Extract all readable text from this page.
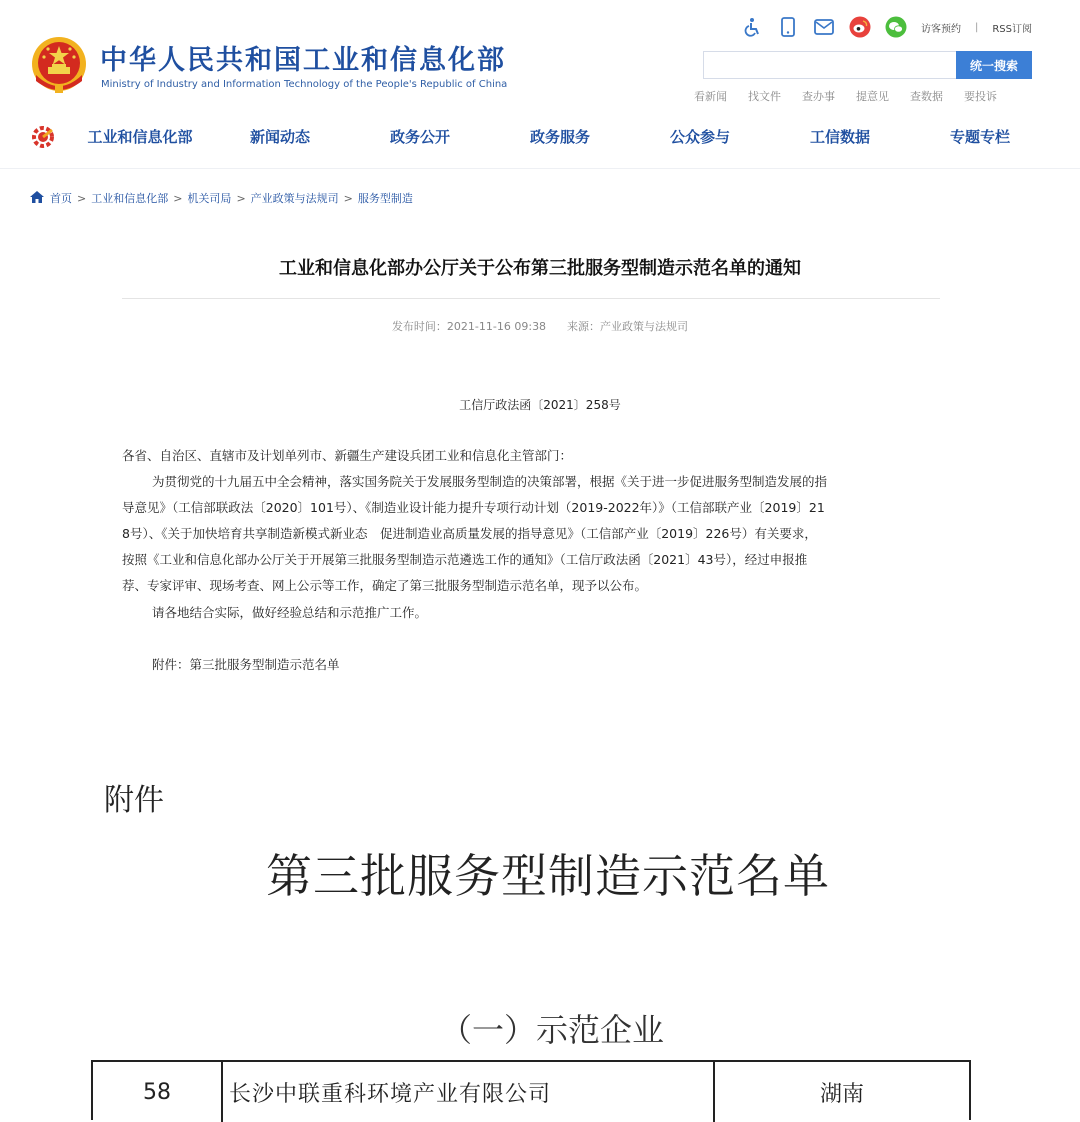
中华人民共和国工业和信息化部
Ministry of Industry and Information Technology of the People's Republic of China
访客预约 | RSS订阅
统一搜索
看新闻 找文件 查办事 提意见 查数据 要投诉
工业和信息化部	新闻动态	政务公开	政务服务	公众参与	工信数据	专题专栏
首页 > 工业和信息化部 > 机关司局 > 产业政策与法规司 > 服务型制造
工业和信息化部办公厅关于公布第三批服务型制造示范名单的通知
发布时间：2021-11-16 09:38      来源：产业政策与法规司
工信厅政法函〔2021〕258号
各省、自治区、直辖市及计划单列市、新疆生产建设兵团工业和信息化主管部门：
为贯彻党的十九届五中全会精神，落实国务院关于发展服务型制造的决策部署，根据《关于进一步促进服务型制造发展的指
导意见》（工信部联政法〔2020〕101号）、《制造业设计能力提升专项行动计划（2019-2022年）》（工信部联产业〔2019〕21
8号）、《关于加快培育共享制造新模式新业态　促进制造业高质量发展的指导意见》（工信部产业〔2019〕226号）有关要求，
按照《工业和信息化部办公厅关于开展第三批服务型制造示范遴选工作的通知》（工信厅政法函〔2021〕43号），经过申报推
荐、专家评审、现场考查、网上公示等工作，确定了第三批服务型制造示范名单，现予以公布。
请各地结合实际，做好经验总结和示范推广工作。
附件：第三批服务型制造示范名单
附件
第三批服务型制造示范名单
（一）示范企业
58	长沙中联重科环境产业有限公司	湖南
